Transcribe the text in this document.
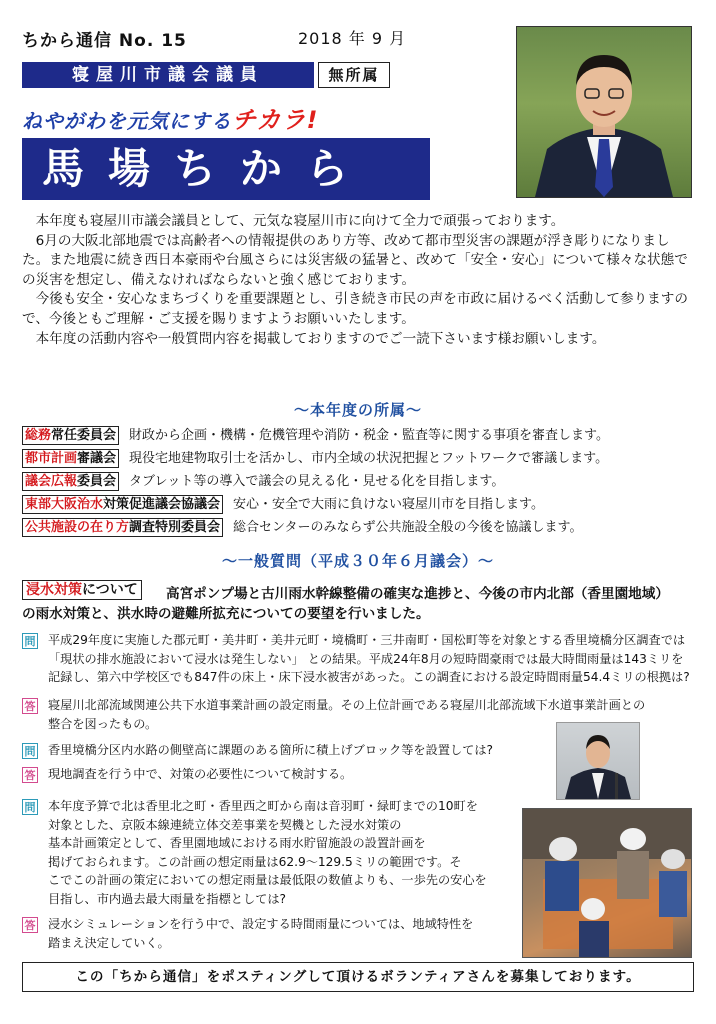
ちから通信 No. 15	2018 年 9 月
寝屋川市議会議員	無所属
ねやがわを元気にするチカラ!
馬場ちから

本年度も寝屋川市議会議員として、元気な寝屋川市に向けて全力で頑張っております。

6月の大阪北部地震では高齢者への情報提供のあり方等、改めて都市型災害の課題が浮き彫りになりました。また地震に続き西日本豪雨や台風さらには災害級の猛暑と、改めて「安全・安心」について様々な状態での災害を想定し、備えなければならないと強く感じております。

今後も安全・安心なまちづくりを重要課題とし、引き続き市民の声を市政に届けるべく活動して参りますので、今後ともご理解・ご支援を賜りますようお願いいたします。

本年度の活動内容や一般質問内容を掲載しておりますのでご一読下さいます様お願いします。

～本年度の所属～
総務常任委員会 財政から企画・機構・危機管理や消防・税金・監査等に関する事項を審査します。
都市計画審議会 現役宅地建物取引士を活かし、市内全域の状況把握とフットワークで審議します。
議会広報委員会 タブレット等の導入で議会の見える化・見せる化を目指します。
東部大阪治水対策促進議会協議会 安心・安全で大雨に負けない寝屋川市を目指します。
公共施設の在り方調査特別委員会 総合センターのみならず公共施設全般の今後を協議します。
～一般質問（平成３０年６月議会）～
浸水対策について 高宮ポンプ場と古川雨水幹線整備の確実な進捗と、今後の市内北部（香里園地域）
の雨水対策と、洪水時の避難所拡充についての要望を行いました。
問 平成29年度に実施した郡元町・美井町・美井元町・境橋町・三井南町・国松町等を対象とする香里境橋分区調査では
「現状の排水施設において浸水は発生しない」 との結果。平成24年8月の短時間豪雨では最大時間雨量は143ミリを
記録し、第六中学校区でも847件の床上・床下浸水被害があった。この調査における設定時間雨量54.4ミリの根拠は?
答 寝屋川北部流域関連公共下水道事業計画の設定雨量。その上位計画である寝屋川北部流域下水道事業計画との
整合を図ったもの。
問 香里境橋分区内水路の側壁高に課題のある箇所に積上げブロック等を設置しては?
答 現地調査を行う中で、対策の必要性について検討する。
問 本年度予算で北は香里北之町・香里西之町から南は音羽町・緑町までの10町を
対象とした、京阪本線連続立体交差事業を契機とした浸水対策の
基本計画策定として、香里園地域における雨水貯留施設の設置計画を
掲げておられます。この計画の想定雨量は62.9～129.5ミリの範囲です。そ
こでこの計画の策定においての想定雨量は最低限の数値よりも、一歩先の安心を
目指し、市内過去最大雨量を指標としては?
答 浸水シミュレーションを行う中で、設定する時間雨量については、地域特性を
踏まえ決定していく。
この「ちから通信」をポスティングして頂けるボランティアさんを募集しております。
